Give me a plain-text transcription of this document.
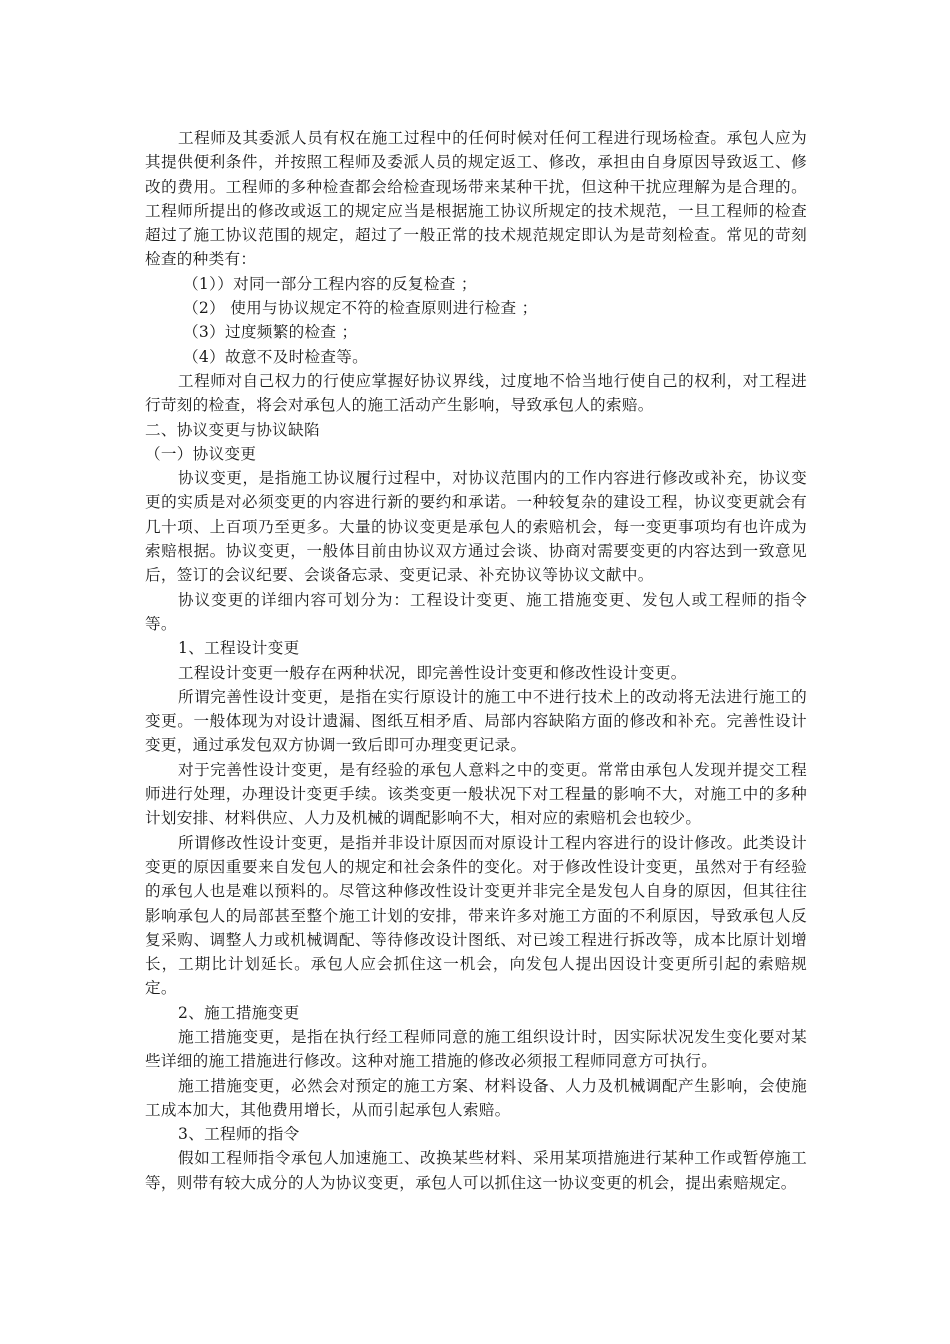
工程师及其委派人员有权在施工过程中的任何时候对任何工程进行现场检查。承包人应为其提供便利条件，并按照工程师及委派人员的规定返工、修改，承担由自身原因导致返工、修改的费用。工程师的多种检查都会给检查现场带来某种干扰，但这种干扰应理解为是合理的。工程师所提出的修改或返工的规定应当是根据施工协议所规定的技术规范，一旦工程师的检查超过了施工协议范围的规定，超过了一般正常的技术规范规定即认为是苛刻检查。常见的苛刻检查的种类有：

（1））对同一部分工程内容的反复检查 ；

（2） 使用与协议规定不符的检查原则进行检查 ；

（3）过度频繁的检查 ；

（4）故意不及时检查等。

工程师对自己权力的行使应掌握好协议界线，过度地不恰当地行使自己的权利，对工程进行苛刻的检查，将会对承包人的施工活动产生影响，导致承包人的索赔。

二、协议变更与协议缺陷

（一）协议变更

协议变更，是指施工协议履行过程中，对协议范围内的工作内容进行修改或补充，协议变更的实质是对必须变更的内容进行新的要约和承诺。一种较复杂的建设工程，协议变更就会有几十项、上百项乃至更多。大量的协议变更是承包人的索赔机会，每一变更事项均有也许成为索赔根据。协议变更，一般体目前由协议双方通过会谈、协商对需要变更的内容达到一致意见后，签订的会议纪要、会谈备忘录、变更记录、补充协议等协议文献中。

协议变更的详细内容可划分为：工程设计变更、施工措施变更、发包人或工程师的指令等。

1、工程设计变更

工程设计变更一般存在两种状况，即完善性设计变更和修改性设计变更。

所谓完善性设计变更，是指在实行原设计的施工中不进行技术上的改动将无法进行施工的变更。一般体现为对设计遗漏、图纸互相矛盾、局部内容缺陷方面的修改和补充。完善性设计变更，通过承发包双方协调一致后即可办理变更记录。

对于完善性设计变更，是有经验的承包人意料之中的变更。常常由承包人发现并提交工程师进行处理，办理设计变更手续。该类变更一般状况下对工程量的影响不大，对施工中的多种计划安排、材料供应、人力及机械的调配影响不大，相对应的索赔机会也较少。

所谓修改性设计变更，是指并非设计原因而对原设计工程内容进行的设计修改。此类设计变更的原因重要来自发包人的规定和社会条件的变化。对于修改性设计变更，虽然对于有经验的承包人也是难以预料的。尽管这种修改性设计变更并非完全是发包人自身的原因，但其往往影响承包人的局部甚至整个施工计划的安排，带来许多对施工方面的不利原因，导致承包人反复采购、调整人力或机械调配、等待修改设计图纸、对已竣工程进行拆改等，成本比原计划增长，工期比计划延长。承包人应会抓住这一机会，向发包人提出因设计变更所引起的索赔规定。

2、施工措施变更

施工措施变更，是指在执行经工程师同意的施工组织设计时，因实际状况发生变化要对某些详细的施工措施进行修改。这种对施工措施的修改必须报工程师同意方可执行。

施工措施变更，必然会对预定的施工方案、材料设备、人力及机械调配产生影响，会使施工成本加大，其他费用增长，从而引起承包人索赔。

3、工程师的指令

假如工程师指令承包人加速施工、改换某些材料、采用某项措施进行某种工作或暂停施工等，则带有较大成分的人为协议变更，承包人可以抓住这一协议变更的机会，提出索赔规定。
